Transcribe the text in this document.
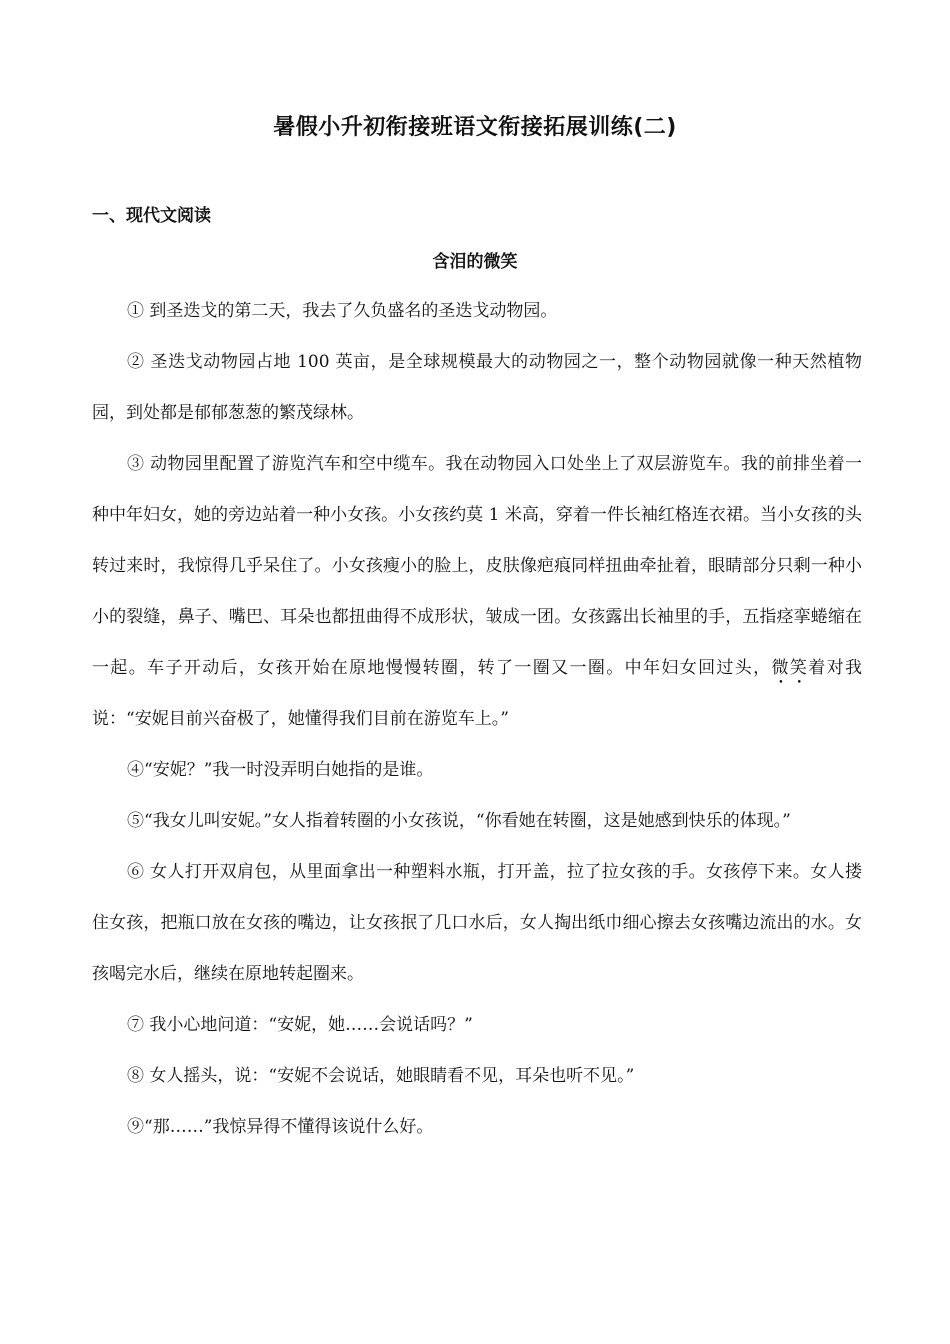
暑假小升初衔接班语文衔接拓展训练(二)
一、现代文阅读
含泪的微笑

① 到圣迭戈的第二天，我去了久负盛名的圣迭戈动物园。

② 圣迭戈动物园占地 100 英亩，是全球规模最大的动物园之一，整个动物园就像一种天然植物园，到处都是郁郁葱葱的繁茂绿林。

③ 动物园里配置了游览汽车和空中缆车。我在动物园入口处坐上了双层游览车。我的前排坐着一种中年妇女，她的旁边站着一种小女孩。小女孩约莫 1 米高，穿着一件长袖红格连衣裙。当小女孩的头转过来时，我惊得几乎呆住了。小女孩瘦小的脸上，皮肤像疤痕同样扭曲牵扯着，眼睛部分只剩一种小小的裂缝，鼻子、嘴巴、耳朵也都扭曲得不成形状，皱成一团。女孩露出长袖里的手，五指痉挛蜷缩在一起。车子开动后，女孩开始在原地慢慢转圈，转了一圈又一圈。中年妇女回过头，微笑着对我说：“安妮目前兴奋极了，她懂得我们目前在游览车上。”

④“安妮？”我一时没弄明白她指的是谁。

⑤“我女儿叫安妮。”女人指着转圈的小女孩说，“你看她在转圈，这是她感到快乐的体现。”

⑥ 女人打开双肩包，从里面拿出一种塑料水瓶，打开盖，拉了拉女孩的手。女孩停下来。女人搂住女孩，把瓶口放在女孩的嘴边，让女孩抿了几口水后，女人掏出纸巾细心擦去女孩嘴边流出的水。女孩喝完水后，继续在原地转起圈来。

⑦ 我小心地问道：“安妮，她……会说话吗？”

⑧ 女人摇头，说：“安妮不会说话，她眼睛看不见，耳朵也听不见。”

⑨“那……”我惊异得不懂得该说什么好。
